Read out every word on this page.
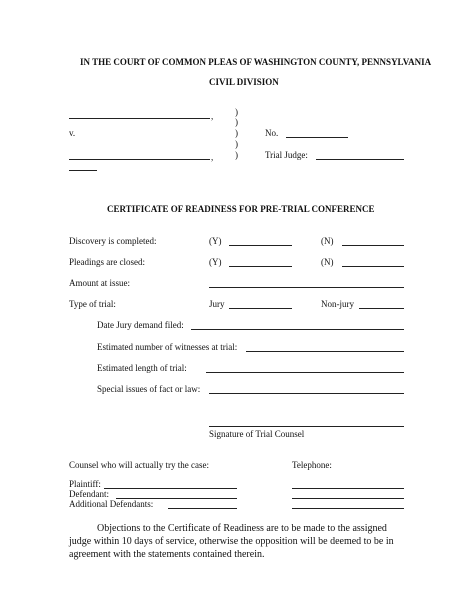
IN THE COURT OF COMMON PLEAS OF WASHINGTON COUNTY, PENNSYLVANIA
CIVIL DIVISION
,
v.
,
)
)
)
)
)
No.
Trial Judge:
CERTIFICATE OF READINESS FOR PRE-TRIAL CONFERENCE
Discovery is completed:	(Y)	(N)
Pleadings are closed:	(Y)	(N)
Amount at issue:
Type of trial:	Jury	Non-jury
Date Jury demand filed:
Estimated number of witnesses at trial:
Estimated length of trial:
Special issues of fact or law:
Signature of Trial Counsel
Counsel who will actually try the case:	Telephone:
Plaintiff:
Defendant:
Additional Defendants:
Objections to the Certificate of Readiness are to be made to the assigned judge within 10 days of service, otherwise the opposition will be deemed to be in agreement with the statements contained therein.
